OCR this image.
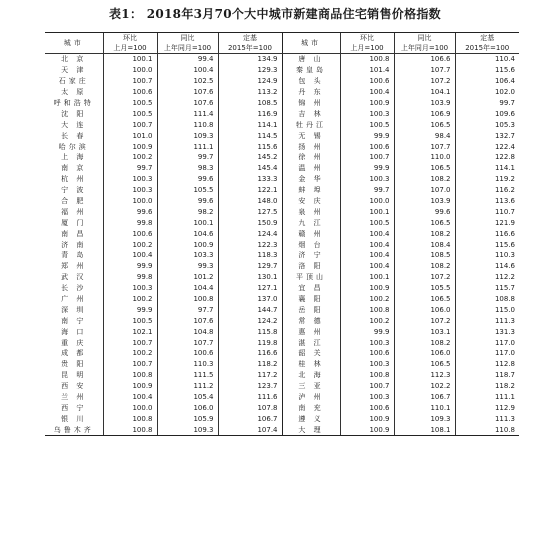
表1： 2018年3月70个大中城市新建商品住宅销售价格指数
城市	环比	同比	定基	城市	环比	同比	定基
	上月=100	上年同月=100	2015年=100		上月=100	上年同月=100	2015年=100
北 京	100.1	99.4	134.9	唐 山	100.8	106.6	110.4
天 津	100.0	100.4	129.3	秦皇岛	101.4	107.7	115.6
石家庄	100.7	102.5	124.9	包 头	100.6	107.2	106.4
太 原	100.6	107.6	113.2	丹 东	100.4	104.1	102.0
呼和浩特	100.5	107.6	108.5	锦 州	100.9	103.9	99.7
沈 阳	100.5	111.4	116.9	吉 林	100.3	106.9	109.6
大 连	100.7	110.8	114.1	牡丹江	100.5	106.5	105.3
长 春	101.0	109.3	114.5	无 锡	99.9	98.4	132.7
哈尔滨	100.9	111.1	115.6	扬 州	100.6	107.7	122.4
上 海	100.2	99.7	145.2	徐 州	100.7	110.0	122.8
南 京	99.7	98.3	145.4	温 州	99.9	106.5	114.1
杭 州	100.3	99.6	133.3	金 华	100.3	108.2	119.2
宁 波	100.3	105.5	122.1	蚌 埠	99.7	107.0	116.2
合 肥	100.0	99.6	148.0	安 庆	100.0	103.9	113.6
福 州	99.6	98.2	127.5	泉 州	100.1	99.6	110.7
厦 门	99.8	100.1	150.9	九 江	100.5	106.5	121.9
南 昌	100.6	104.6	124.4	赣 州	100.4	108.2	116.6
济 南	100.2	100.9	122.3	烟 台	100.4	108.4	115.6
青 岛	100.4	103.3	118.3	济 宁	100.4	108.5	110.3
郑 州	99.9	99.3	129.7	洛 阳	100.4	108.2	114.6
武 汉	99.8	101.2	130.1	平顶山	100.1	107.2	112.2
长 沙	100.3	104.4	127.1	宜 昌	100.9	105.5	115.7
广 州	100.2	100.8	137.0	襄 阳	100.2	106.5	108.8
深 圳	99.9	97.7	144.7	岳 阳	100.8	106.0	115.0
南 宁	100.5	107.6	124.2	常 德	100.2	107.2	111.3
海 口	102.1	104.8	115.8	惠 州	99.9	103.1	131.3
重 庆	100.7	107.7	119.8	湛 江	100.3	108.2	117.0
成 都	100.2	100.6	116.6	韶 关	100.6	106.0	117.0
贵 阳	100.7	110.3	118.2	桂 林	100.3	106.5	112.8
昆 明	100.8	111.5	117.2	北 海	100.8	112.3	118.7
西 安	100.9	111.2	123.7	三 亚	100.7	102.2	118.2
兰 州	100.4	105.4	111.6	泸 州	100.3	106.7	111.1
西 宁	100.0	106.0	107.8	南 充	100.6	110.1	112.9
银 川	100.8	105.9	106.7	遵 义	100.9	109.3	111.3
乌鲁木齐	100.8	109.3	107.4	大 理	100.9	108.1	110.8
